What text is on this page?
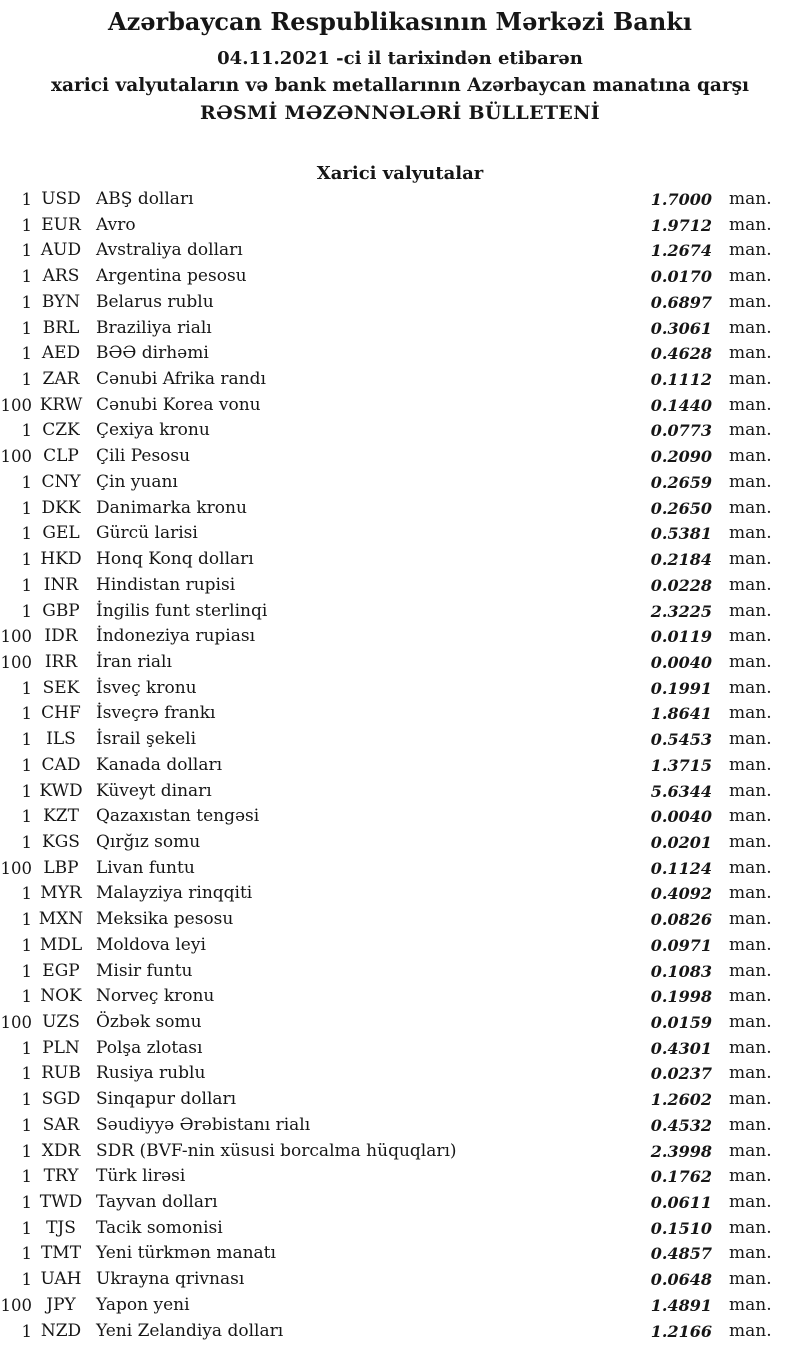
Azərbaycan Respublikasının Mərkəzi Bankı
04.11.2021 -ci il tarixindən etibarən
xarici valyutaların və bank metallarının Azərbaycan manatına qarşı
RƏSMİ MƏZƏNNƏLƏRİ BÜLLETENİ
Xarici valyutalar
1 USD ABŞ dolları	1.7000	man.
1 EUR Avro	1.9712	man.
1 AUD Avstraliya dolları	1.2674	man.
1 ARS Argentina pesosu	0.0170	man.
1 BYN Belarus rublu	0.6897	man.
1 BRL Braziliya rialı	0.3061	man.
1 AED BƏƏ dirhəmi	0.4628	man.
1 ZAR Cənubi Afrika randı	0.1112	man.
100 KRW Cənubi Korea vonu	0.1440	man.
1 CZK Çexiya kronu	0.0773	man.
100 CLP	Çili Pesosu	0.2090	man.
1 CNY Çin yuanı	0.2659	man.
1 DKK Danimarka kronu	0.2650	man.
1 GEL Gürcü larisi	0.5381	man.
1 HKD Honq Konq dolları	0.2184	man.
1 INR	Hindistan rupisi	0.0228	man.
1 GBP İngilis funt sterlinqi	2.3225	man.
100 IDR	İndoneziya rupiası	0.0119	man.
100 IRR	İran rialı	0.0040	man.
1 SEK İsveç kronu	0.1991	man.
1 CHF İsveçrə frankı	1.8641	man.
1 ILS	İsrail şekeli	0.5453	man.
1 CAD Kanada dolları	1.3715	man.
1 KWD Küveyt dinarı	5.6344	man.
1 KZT	Qazaxıstan tengəsi	0.0040	man.
1 KGS Qırğız somu	0.0201	man.
100 LBP	Livan funtu	0.1124	man.
1 MYR Malayziya rinqqiti	0.4092	man.
1 MXN Meksika pesosu	0.0826	man.
1 MDL Moldova leyi	0.0971	man.
1 EGP Misir funtu	0.1083	man.
1 NOK Norveç kronu	0.1998	man.
100 UZS Özbək somu	0.0159	man.
1 PLN Polşa zlotası	0.4301	man.
1 RUB Rusiya rublu	0.0237	man.
1 SGD Sinqapur dolları	1.2602	man.
1 SAR Səudiyyə Ərəbistanı rialı	0.4532	man.
1 XDR SDR (BVF-nin xüsusi borcalma hüquqları)	2.3998	man.
1 TRY	Türk lirəsi	0.1762	man.
1 TWD Tayvan dolları	0.0611	man.
1 TJS	Tacik somonisi	0.1510	man.
1 TMT Yeni türkmən manatı	0.4857	man.
1 UAH Ukrayna qrivnası	0.0648	man.
100 JPY	Yapon yeni	1.4891	man.
1 NZD Yeni Zelandiya dolları	1.2166	man.
